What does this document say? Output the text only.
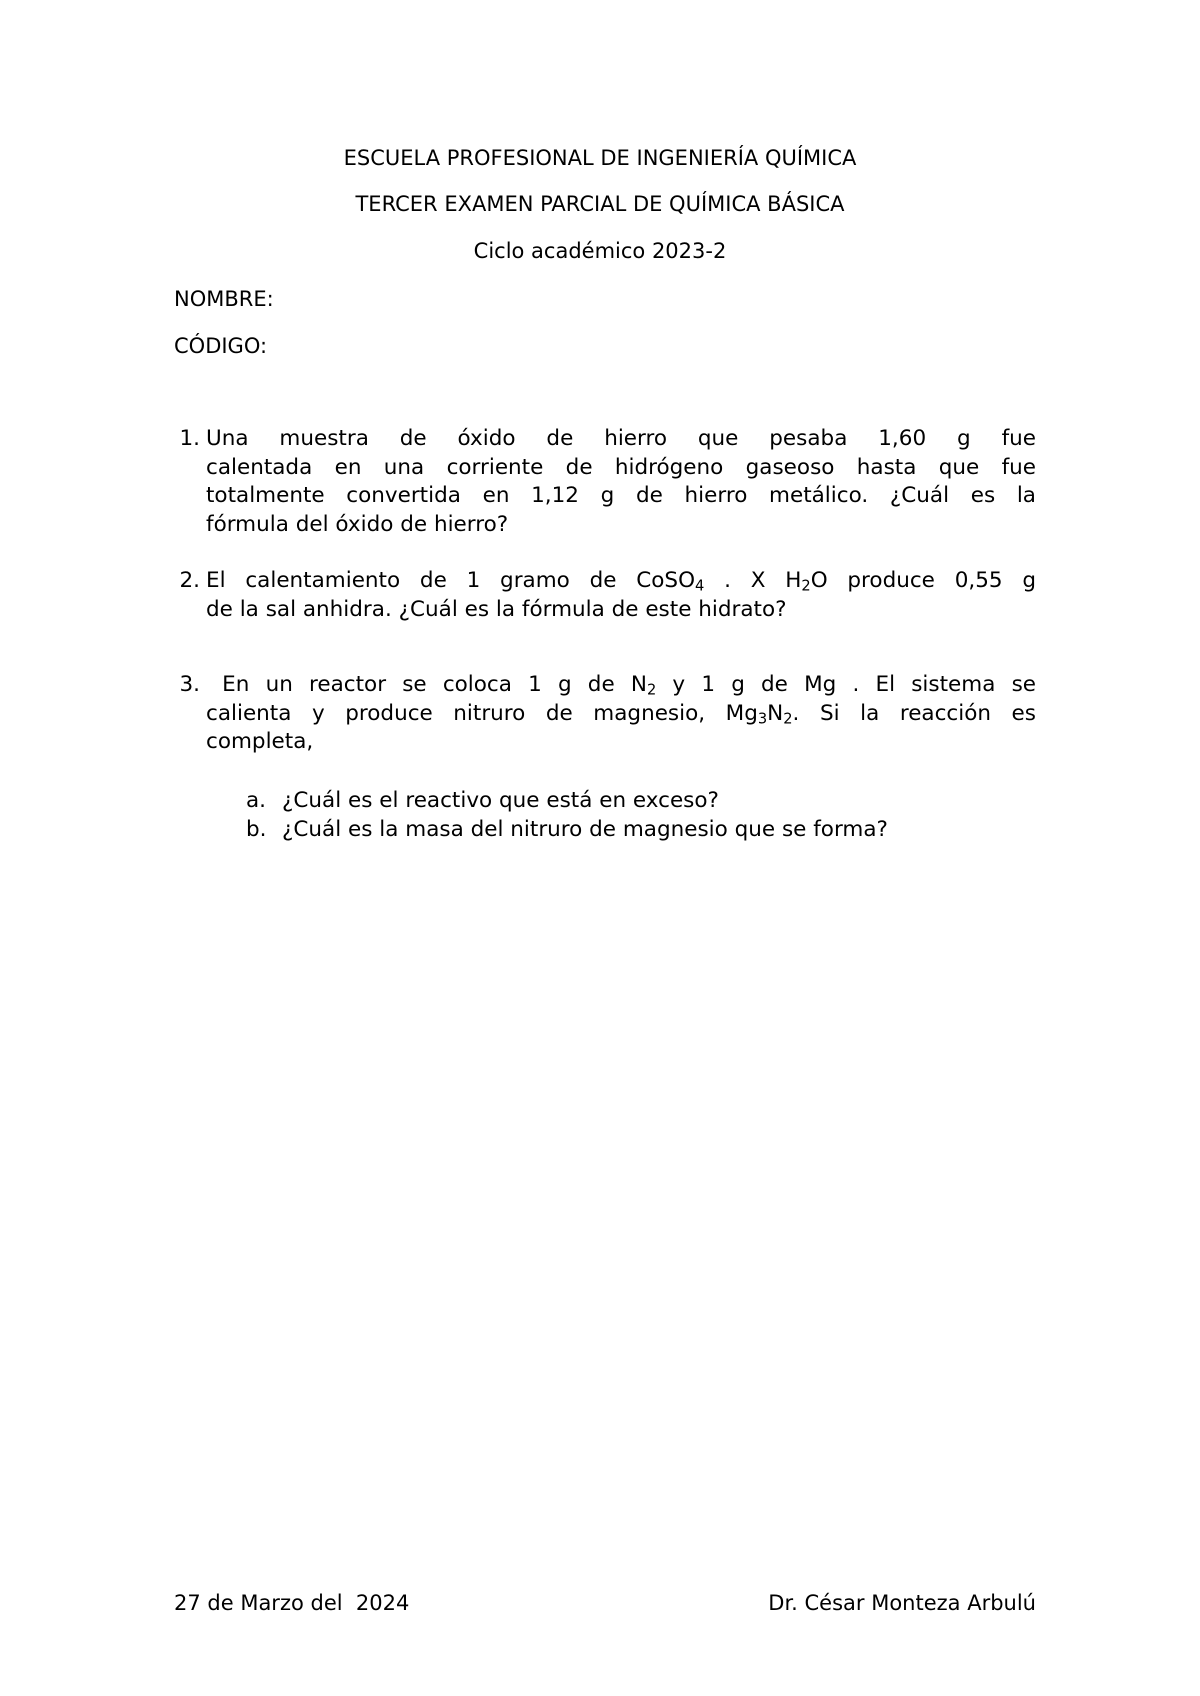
ESCUELA PROFESIONAL DE INGENIERÍA QUÍMICA
TERCER EXAMEN PARCIAL DE QUÍMICA BÁSICA
Ciclo académico 2023-2
NOMBRE:
CÓDIGO:
1. Una muestra de óxido de hierro que pesaba 1,60 g fue
calentada en una corriente de hidrógeno gaseoso hasta que fue
totalmente convertida en 1,12 g de hierro metálico. ¿Cuál es la
fórmula del óxido de hierro?
2. El calentamiento de 1 gramo de CoSO$_4$ . X $H_2O$ produce 0,55 g
de la sal anhidra. ¿Cuál es la fórmula de este hidrato?
3. En un reactor se coloca 1 g de $N_2$ y 1 g de Mg . El sistema se
calienta y produce nitruro de magnesio, $Mg_3N_2$. Si la reacción es
completa,
a. ¿Cuál es el reactivo que está en exceso?
b. ¿Cuál es la masa del nitruro de magnesio que se forma?
27 de Marzo del  2024	Dr. César Monteza Arbulú
